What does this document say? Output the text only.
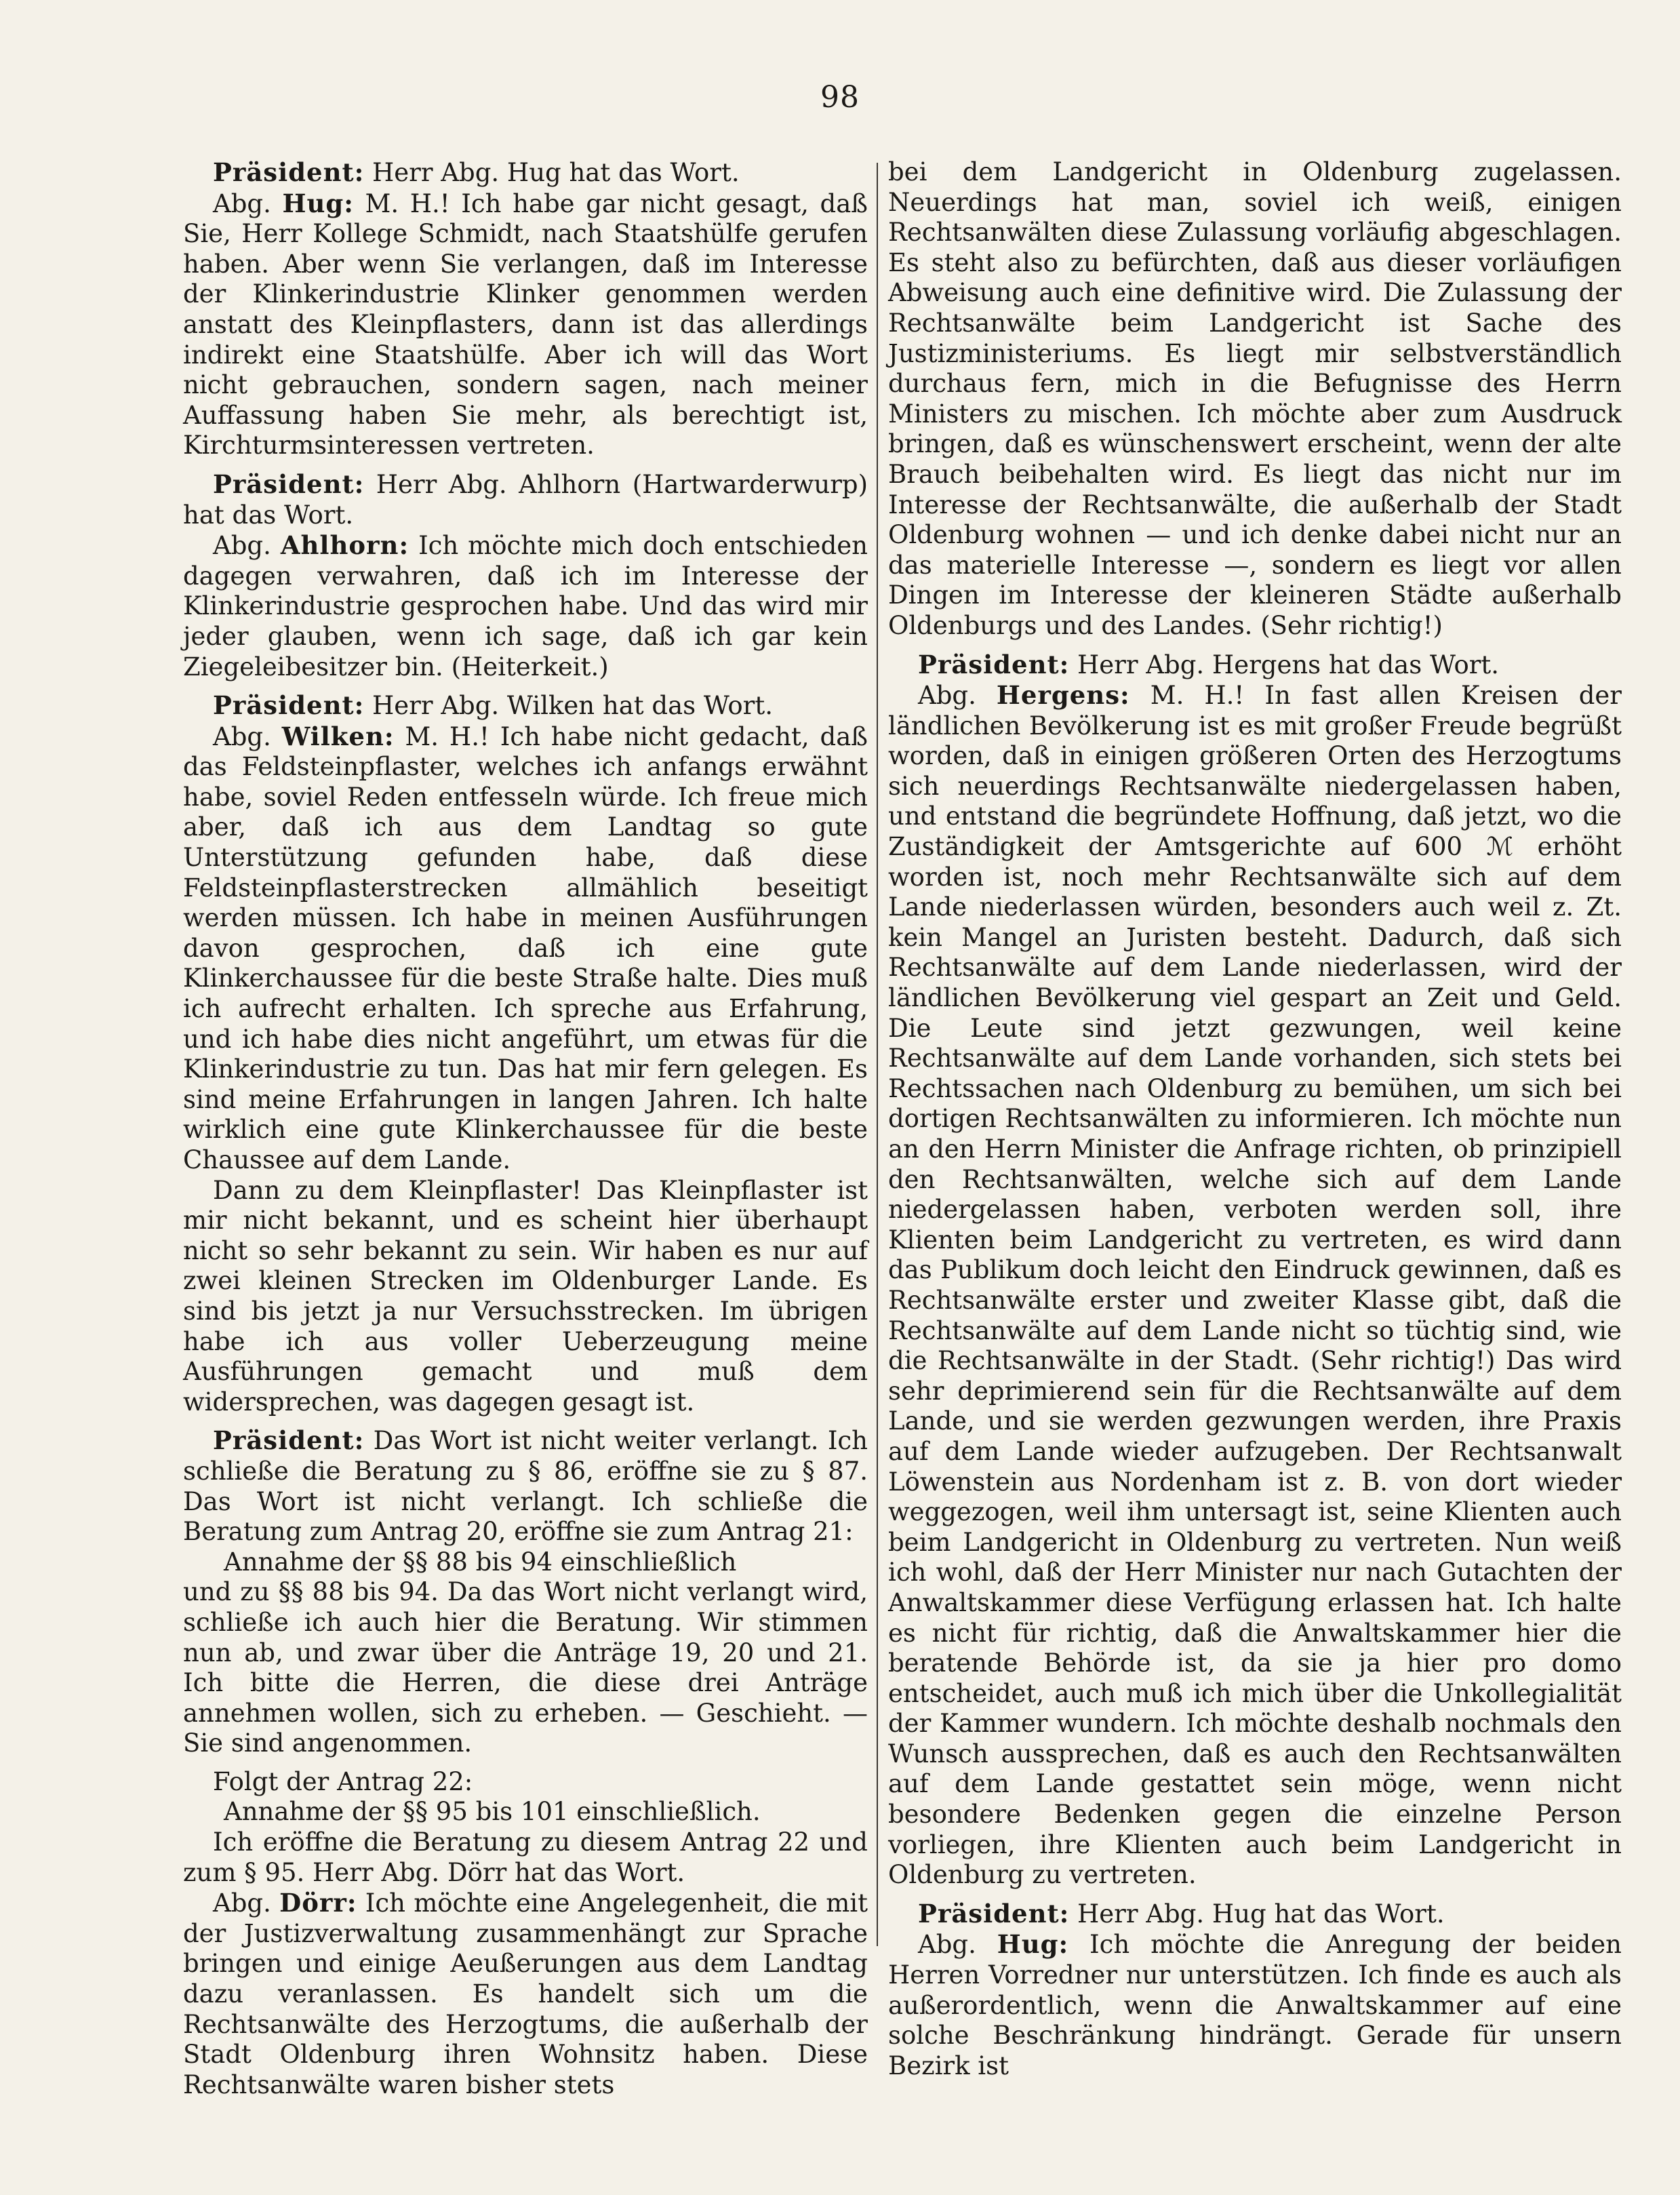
98

Präsident: Herr Abg. Hug hat das Wort.

Abg. Hug: M. H.! Ich habe gar nicht gesagt, daß Sie, Herr Kollege Schmidt, nach Staatshülfe gerufen haben. Aber wenn Sie verlangen, daß im Interesse der Klinkerindustrie Klinker genommen werden anstatt des Kleinpflasters, dann ist das allerdings indirekt eine Staatshülfe. Aber ich will das Wort nicht gebrauchen, sondern sagen, nach meiner Auffassung haben Sie mehr, als berechtigt ist, Kirchturmsinteressen vertreten.

Präsident: Herr Abg. Ahlhorn (Hartwarderwurp) hat das Wort.

Abg. Ahlhorn: Ich möchte mich doch entschieden dagegen verwahren, daß ich im Interesse der Klinkerindustrie gesprochen habe. Und das wird mir jeder glauben, wenn ich sage, daß ich gar kein Ziegeleibesitzer bin. (Heiterkeit.)

Präsident: Herr Abg. Wilken hat das Wort.

Abg. Wilken: M. H.! Ich habe nicht gedacht, daß das Feldsteinpflaster, welches ich anfangs erwähnt habe, soviel Reden entfesseln würde. Ich freue mich aber, daß ich aus dem Landtag so gute Unterstützung gefunden habe, daß diese Feldsteinpflasterstrecken allmählich beseitigt werden müssen. Ich habe in meinen Ausführungen davon gesprochen, daß ich eine gute Klinkerchaussee für die beste Straße halte. Dies muß ich aufrecht erhalten. Ich spreche aus Erfahrung, und ich habe dies nicht angeführt, um etwas für die Klinkerindustrie zu tun. Das hat mir fern gelegen. Es sind meine Erfahrungen in langen Jahren. Ich halte wirklich eine gute Klinkerchaussee für die beste Chaussee auf dem Lande.

Dann zu dem Kleinpflaster! Das Kleinpflaster ist mir nicht bekannt, und es scheint hier überhaupt nicht so sehr bekannt zu sein. Wir haben es nur auf zwei kleinen Strecken im Oldenburger Lande. Es sind bis jetzt ja nur Versuchsstrecken. Im übrigen habe ich aus voller Ueberzeugung meine Ausführungen gemacht und muß dem widersprechen, was dagegen gesagt ist.

Präsident: Das Wort ist nicht weiter verlangt. Ich schließe die Beratung zu § 86, eröffne sie zu § 87. Das Wort ist nicht verlangt. Ich schließe die Beratung zum Antrag 20, eröffne sie zum Antrag 21:

Annahme der §§ 88 bis 94 einschließlich

und zu §§ 88 bis 94. Da das Wort nicht verlangt wird, schließe ich auch hier die Beratung. Wir stimmen nun ab, und zwar über die Anträge 19, 20 und 21. Ich bitte die Herren, die diese drei Anträge annehmen wollen, sich zu erheben. — Geschieht. — Sie sind angenommen.

Folgt der Antrag 22:

Annahme der §§ 95 bis 101 einschließlich.

Ich eröffne die Beratung zu diesem Antrag 22 und zum § 95. Herr Abg. Dörr hat das Wort.

Abg. Dörr: Ich möchte eine Angelegenheit, die mit der Justizverwaltung zusammenhängt zur Sprache bringen und einige Aeußerungen aus dem Landtag dazu veranlassen. Es handelt sich um die Rechtsanwälte des Herzogtums, die außerhalb der Stadt Oldenburg ihren Wohnsitz haben. Diese Rechtsanwälte waren bisher stets

bei dem Landgericht in Oldenburg zugelassen. Neuerdings hat man, soviel ich weiß, einigen Rechtsanwälten diese Zulassung vorläufig abgeschlagen. Es steht also zu befürchten, daß aus dieser vorläufigen Abweisung auch eine definitive wird. Die Zulassung der Rechtsanwälte beim Landgericht ist Sache des Justizministeriums. Es liegt mir selbstverständlich durchaus fern, mich in die Befugnisse des Herrn Ministers zu mischen. Ich möchte aber zum Ausdruck bringen, daß es wünschenswert erscheint, wenn der alte Brauch beibehalten wird. Es liegt das nicht nur im Interesse der Rechtsanwälte, die außerhalb der Stadt Oldenburg wohnen — und ich denke dabei nicht nur an das materielle Interesse —, sondern es liegt vor allen Dingen im Interesse der kleineren Städte außerhalb Oldenburgs und des Landes. (Sehr richtig!)

Präsident: Herr Abg. Hergens hat das Wort.

Abg. Hergens: M. H.! In fast allen Kreisen der ländlichen Bevölkerung ist es mit großer Freude begrüßt worden, daß in einigen größeren Orten des Herzogtums sich neuerdings Rechtsanwälte niedergelassen haben, und entstand die begründete Hoffnung, daß jetzt, wo die Zuständigkeit der Amtsgerichte auf 600 ℳ erhöht worden ist, noch mehr Rechtsanwälte sich auf dem Lande niederlassen würden, besonders auch weil z. Zt. kein Mangel an Juristen besteht. Dadurch, daß sich Rechtsanwälte auf dem Lande niederlassen, wird der ländlichen Bevölkerung viel gespart an Zeit und Geld. Die Leute sind jetzt gezwungen, weil keine Rechtsanwälte auf dem Lande vorhanden, sich stets bei Rechtssachen nach Oldenburg zu bemühen, um sich bei dortigen Rechtsanwälten zu informieren. Ich möchte nun an den Herrn Minister die Anfrage richten, ob prinzipiell den Rechtsanwälten, welche sich auf dem Lande niedergelassen haben, verboten werden soll, ihre Klienten beim Landgericht zu vertreten, es wird dann das Publikum doch leicht den Eindruck gewinnen, daß es Rechtsanwälte erster und zweiter Klasse gibt, daß die Rechtsanwälte auf dem Lande nicht so tüchtig sind, wie die Rechtsanwälte in der Stadt. (Sehr richtig!) Das wird sehr deprimierend sein für die Rechtsanwälte auf dem Lande, und sie werden gezwungen werden, ihre Praxis auf dem Lande wieder aufzugeben. Der Rechtsanwalt Löwenstein aus Nordenham ist z. B. von dort wieder weggezogen, weil ihm untersagt ist, seine Klienten auch beim Landgericht in Oldenburg zu vertreten. Nun weiß ich wohl, daß der Herr Minister nur nach Gutachten der Anwaltskammer diese Verfügung erlassen hat. Ich halte es nicht für richtig, daß die Anwaltskammer hier die beratende Behörde ist, da sie ja hier pro domo entscheidet, auch muß ich mich über die Unkollegialität der Kammer wundern. Ich möchte deshalb nochmals den Wunsch aussprechen, daß es auch den Rechtsanwälten auf dem Lande gestattet sein möge, wenn nicht besondere Bedenken gegen die einzelne Person vorliegen, ihre Klienten auch beim Landgericht in Oldenburg zu vertreten.

Präsident: Herr Abg. Hug hat das Wort.

Abg. Hug: Ich möchte die Anregung der beiden Herren Vorredner nur unterstützen. Ich finde es auch als außerordentlich, wenn die Anwaltskammer auf eine solche Beschränkung hindrängt. Gerade für unsern Bezirk ist
